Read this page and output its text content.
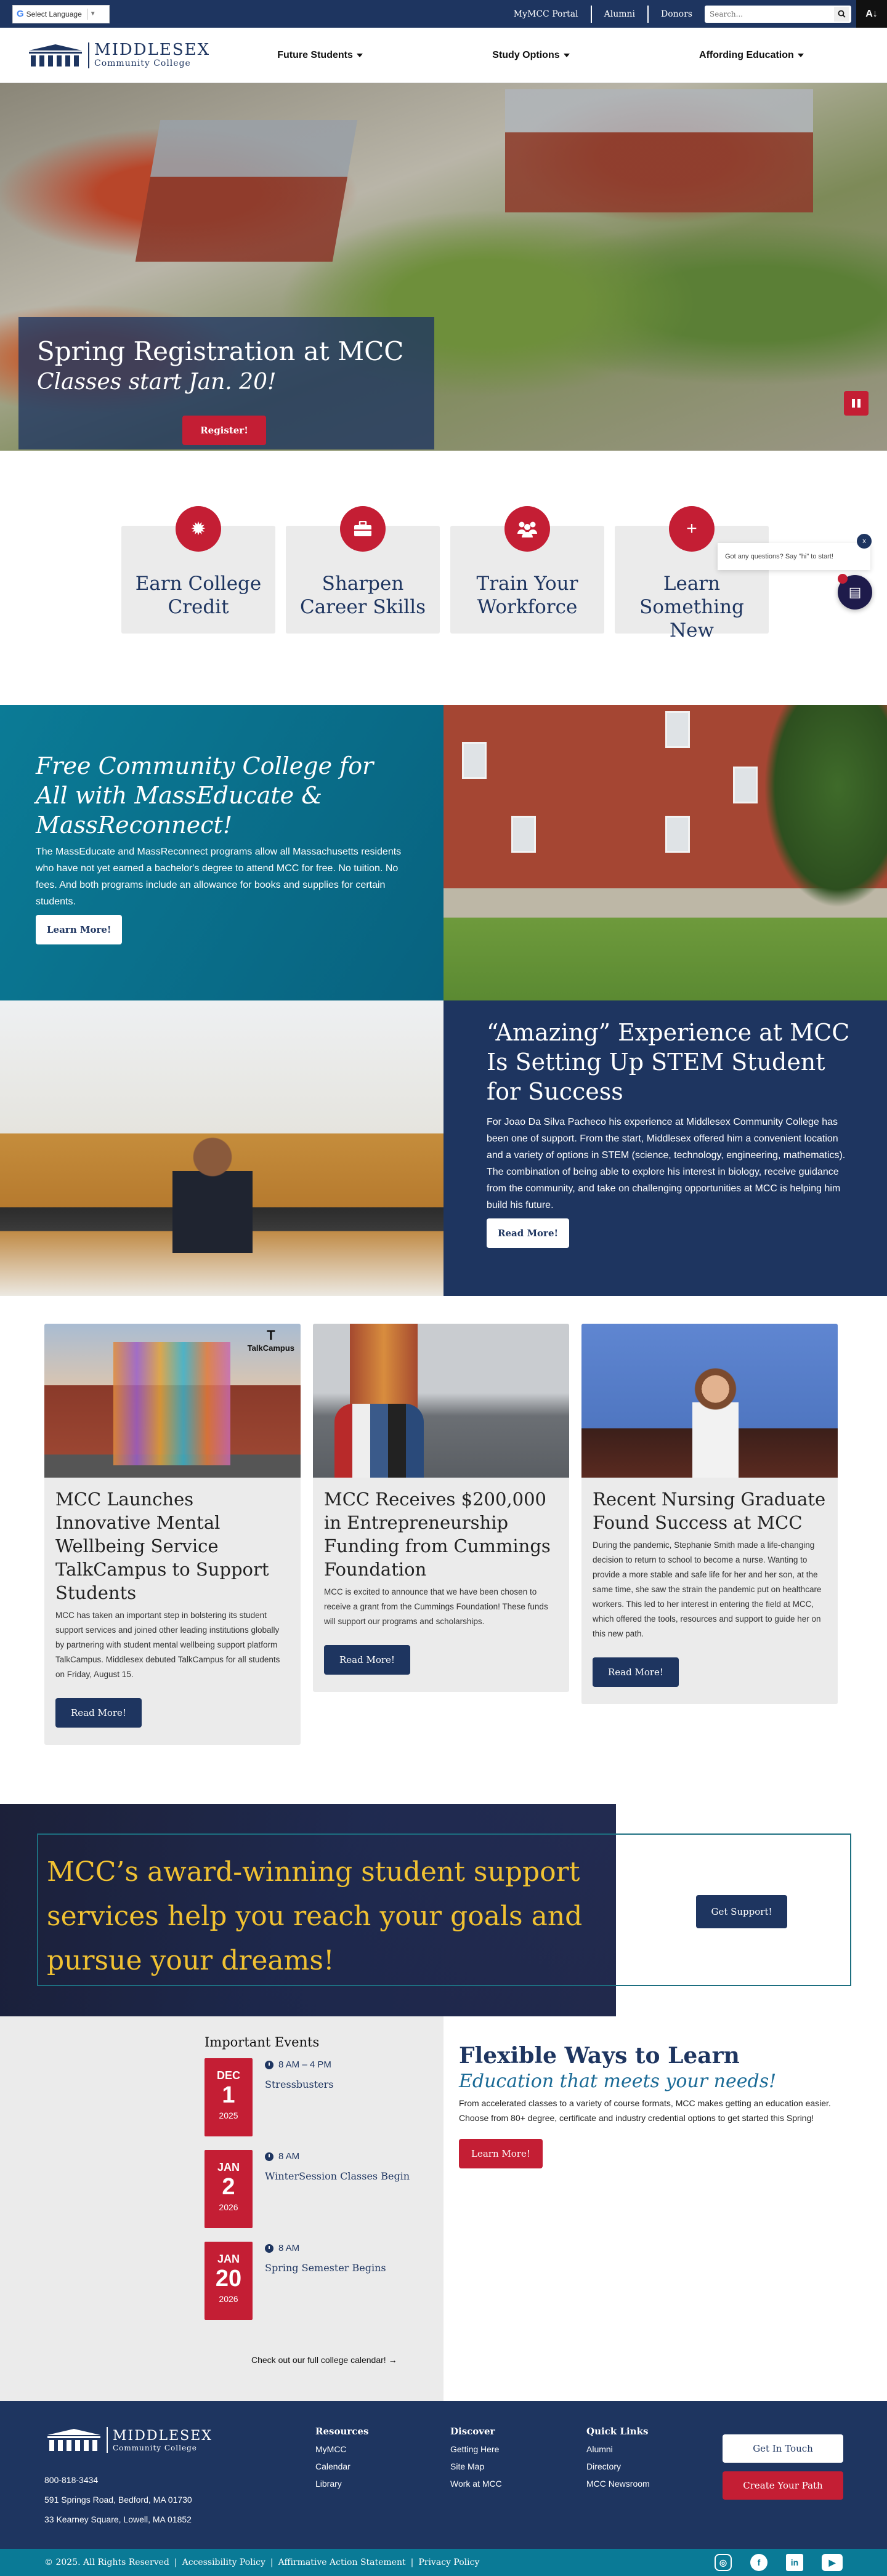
G Select Language ▼	MyMCC Portal	Alumni	Donors
Search...	A↓
MIDDLESEX
Community College
Future Students	Study Options	Affording Education
Spring Registration at MCC
Classes start Jan. 20!
Register!
✹
Earn College Credit
Sharpen Career Skills
Train Your Workforce
+
Learn Something New
Got any questions? Say "hi" to start!
x
▤
Free Community College for All with MassEducate & MassReconnect!

The MassEducate and MassReconnect programs allow all Massachusetts residents who have not yet earned a bachelor's degree to attend MCC for free. No tuition. No fees. And both programs include an allowance for books and supplies for certain students.

Learn More!
“Amazing” Experience at MCC Is Setting Up STEM Student for Success

For Joao Da Silva Pacheco his experience at Middlesex Community College has been one of support. From the start, Middlesex offered him a convenient location and a variety of options in STEM (science, technology, engineering, mathematics). The combination of being able to explore his interest in biology, receive guidance from the community, and take on challenging opportunities at MCC is helping him build his future.

Read More!
T
TalkCampus
MCC Launches Innovative Mental Wellbeing Service TalkCampus to Support Students

MCC has taken an important step in bolstering its student support services and joined other leading institutions globally by partnering with student mental wellbeing support platform TalkCampus. Middlesex debuted TalkCampus for all students on Friday, August 15.

Read More!
MCC Receives $200,000 in Entrepreneurship Funding from Cummings Foundation

MCC is excited to announce that we have been chosen to receive a grant from the Cummings Foundation! These funds will support our programs and scholarships.

Read More!
Recent Nursing Graduate Found Success at MCC

During the pandemic, Stephanie Smith made a life-changing decision to return to school to become a nurse. Wanting to provide a more stable and safe life for her and her son, at the same time, she saw the strain the pandemic put on healthcare workers. This led to her interest in entering the field at MCC, which offered the tools, resources and support to guide her on this new path.

Read More!
MCC’s award-winning student support services help you reach your goals and pursue your dreams!
Get Support!
Important Events
DEC
1
2025
8 AM – 4 PM
Stressbusters
JAN
2
2026
8 AM
WinterSession Classes Begin
JAN
20
2026
8 AM
Spring Semester Begins
Check out our full college calendar! →
Flexible Ways to Learn
Education that meets your needs!

From accelerated classes to a variety of course formats, MCC makes getting an education easier. Choose from 80+ degree, certificate and industry credential options to get started this Spring!

Learn More!
MIDDLESEX
Community College
800-818-3434
591 Springs Road, Bedford, MA 01730
33 Kearney Square, Lowell, MA 01852
Resources
MyMCC
Calendar
Library
Discover
Getting Here
Site Map
Work at MCC
Quick Links
Alumni
Directory
MCC Newsroom
Get In Touch
Create Your Path
© 2025. All Rights Reserved | Accessibility Policy | Affirmative Action Statement | Privacy Policy	◎	f	in	▶
